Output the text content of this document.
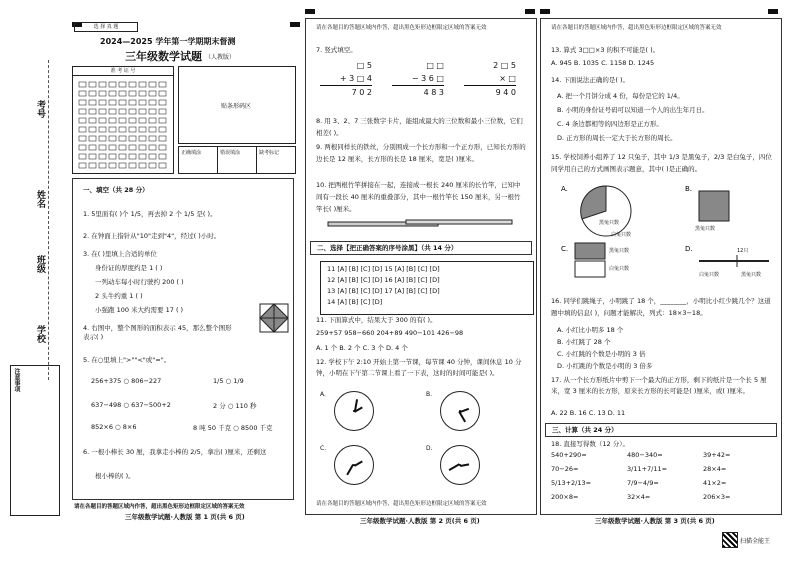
考号
姓名
班级
学校
注意事项
选 择 真 题
2024—2025 学年第一学期期末督测
三年级数学试题 （人教版）
准 考 证 号
贴条形码区
正确填涂	错误填涂	缺考标记
一、填空（共 28 分）
1. 5里面有( )个 1/5，再去掉 2 个 1/5 是( )。
2. 在钟面上指针从"10"走到"4"，经过( )小时。
3. 在( )里填上合适的单位
身份证的厚度约是 1 ( )
一列动车每小时行驶约 200 ( )
2 头牛约重 1 ( )
小强跑 100 米大约需要 17 ( )
4. 右图中，整个图形的面积表示 45，那么整个图形表示( )
5. 在○里填上">""<"或"="。
256+375 ○ 806−227	1/5 ○ 1/9
637−498 ○ 637−500+2	2 分 ○ 110 秒
852×6 ○ 8×6	8 吨 50 千克 ○ 8500 千克
6. 一根小棒长 30 厘，我拿走小棒的 2/5，拿出( )厘米，还剩这
根小棒的( )。
请在各题目的答题区域内作答，超出黑色矩形边框限定区域的答案无效
三年级数学试题·人教版 第 1 页(共 6 页)
请在各题目的答题区域内作答，超出黑色矩形边框限定区域的答案无效
7. 竖式填空。
□ 5
+ 3 □ 4
7 0 2
□ □
− 3 6 □
4 8 3
2 □ 5
× □
9 4 0
8. 用 3、2、7 三张数字卡片，能组成最大的三位数和最小三位数，它们相差( )。
9. 两根同样长的铁丝，分别围成一个长方形和一个正方形，已知长方形的边长是 12 厘米，长方形的长是 18 厘米，宽是( )厘米。
10. 把两根竹竿拼接在一起，连接成一根长 240 厘米的长竹竿，已知中间有一段长 40 厘米的重叠部分，其中一根竹竿长 150 厘米，另一根竹竿长( )厘米。
二、选择【把正确答案的序号涂黑】（共 14 分）
11 [A] [B] [C] [D] 15 [A] [B] [C] [D]
12 [A] [B] [C] [D] 16 [A] [B] [C] [D]
13 [A] [B] [C] [D] 17 [A] [B] [C] [D]
14 [A] [B] [C] [D]
11. 下面算式中，结果大于 300 的有( )。
259+57 958−660 204+89 490−101 426−98
A. 1 个 B. 2 个 C. 3 个 D. 4 个
12. 学校下午 2:10 开始上第一节课，每节课 40 分钟，课间休息 10 分钟，小明在下午第二节课上看了一下表，这时的时间可能是( )。
A.	B.
C.	D.
请在各题目的答题区域内作答，超出黑色矩形边框限定区域的答案无效
三年级数学试题·人教版 第 2 页(共 6 页)
请在各题目的答题区域内作答，超出黑色矩形边框限定区域的答案无效
13. 算式 3□□×3 的积不可能是( )。
A. 945 B. 1035 C. 1158 D. 1245
14. 下面说法正确的是( )。
A. 把一个月饼分成 4 份，每份是它的 1/4。
B. 小明的身份证号码可以知道一个人的出生年月日。
C. 4 条边都相等的四边形是正方形。
D. 正方形的周长一定大于长方形的周长。
15. 学校饲养小组养了 12 只兔子，其中 1/3 是黑兔子，2/3 是白兔子，四位同学用自己的方式画图表示题意，其中( )是正确的。
A.	B.
C.	D.
黑兔只数
白兔只数
黑兔只数
黑兔只数
白兔只数
12只
白兔只数	黑兔只数
16. 同学们跳绳子，小明跳了 18 个，________，小明比小红少跳几个？这道题中填的信息( )，问题才能解决，列式：18×3−18。
A. 小红比小明多 18 个
B. 小红跳了 28 个
C. 小红跳的个数是小明的 3 倍
D. 小红跳的个数是小明的 3 倍多
17. 从一个长方形纸片中剪下一个最大的正方形，剩下的纸片是一个长 5 厘米，宽 3 厘米的长方形，原来长方形的长可能是( )厘米，或( )厘米。
A. 22 B. 16 C. 13 D. 11
三、计算（共 24 分）
18. 直接写得数（12 分）。
540+290=	480−340=	39+42=
70−26=	3/11+7/11=	28×4=
5/13+2/13=	7/9−4/9=	41×2=
200×8=	32×4=	206×3=
三年级数学试题·人教版 第 3 页(共 6 页)
扫描全能王
